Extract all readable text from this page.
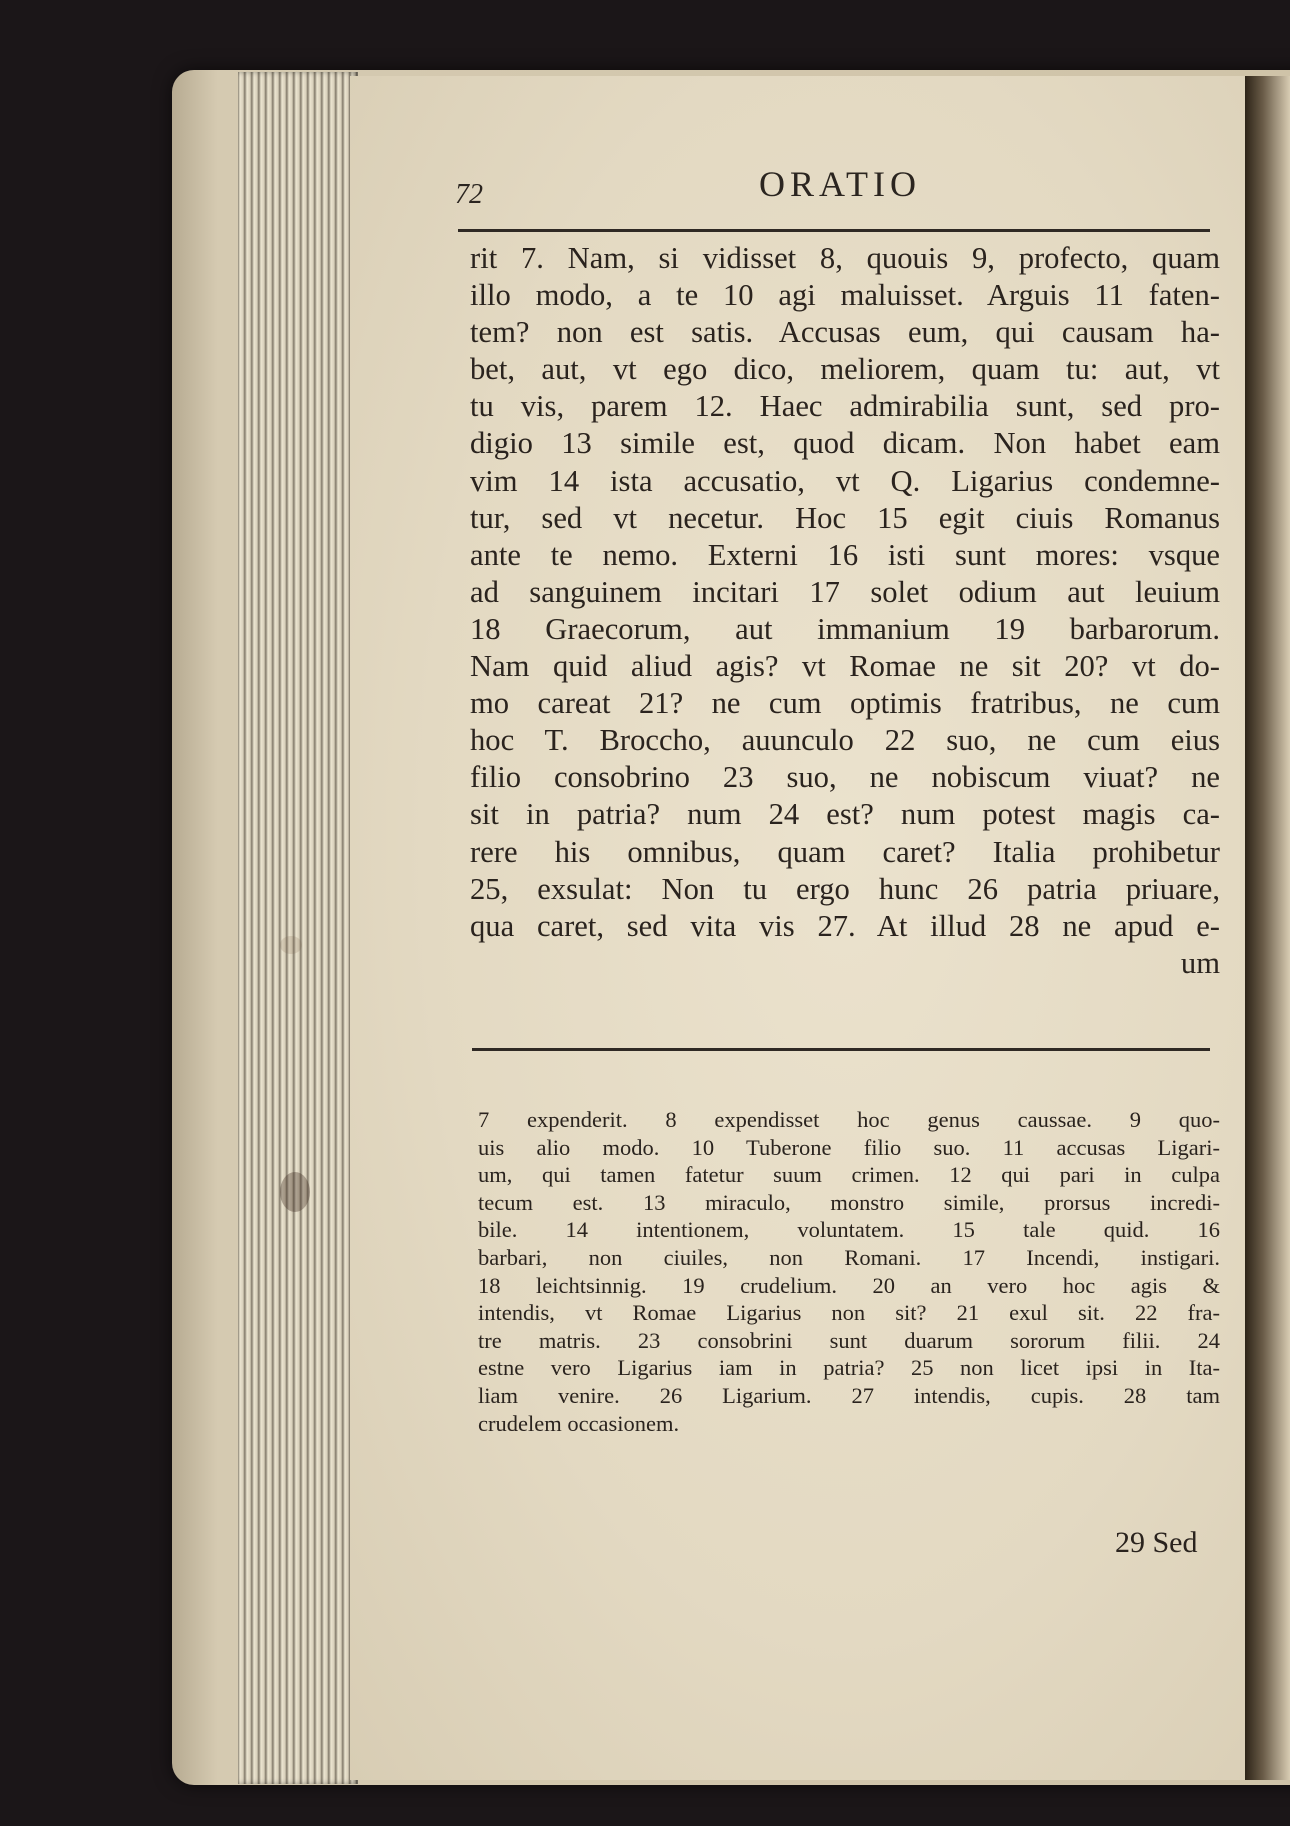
72	ORATIO
rit 7. Nam, si vidisset 8, quouis 9, profecto, quam
illo modo, a te 10 agi maluisset. Arguis 11 faten-
tem? non est satis. Accusas eum, qui causam ha-
bet, aut, vt ego dico, meliorem, quam tu: aut, vt
tu vis, parem 12. Haec admirabilia sunt, sed pro-
digio 13 simile est, quod dicam. Non habet eam
vim 14 ista accusatio, vt Q. Ligarius condemne-
tur, sed vt necetur. Hoc 15 egit ciuis Romanus
ante te nemo. Externi 16 isti sunt mores: vsque
ad sanguinem incitari 17 solet odium aut leuium
18 Graecorum, aut immanium 19 barbarorum.
Nam quid aliud agis? vt Romae ne sit 20? vt do-
mo careat 21? ne cum optimis fratribus, ne cum
hoc T. Broccho, auunculo 22 suo, ne cum eius
filio consobrino 23 suo, ne nobiscum viuat? ne
sit in patria? num 24 est? num potest magis ca-
rere his omnibus, quam caret? Italia prohibetur
25, exsulat: Non tu ergo hunc 26 patria priuare,
qua caret, sed vita vis 27. At illud 28 ne apud e-
um
7 expenderit. 8 expendisset hoc genus caussae. 9 quo-
uis alio modo. 10 Tuberone filio suo. 11 accusas Ligari-
um, qui tamen fatetur suum crimen. 12 qui pari in culpa
tecum est. 13 miraculo, monstro simile, prorsus incredi-
bile. 14 intentionem, voluntatem. 15 tale quid. 16
barbari, non ciuiles, non Romani. 17 Incendi, instigari.
18 leichtsinnig. 19 crudelium. 20 an vero hoc agis &
intendis, vt Romae Ligarius non sit? 21 exul sit. 22 fra-
tre matris. 23 consobrini sunt duarum sororum filii. 24
estne vero Ligarius iam in patria? 25 non licet ipsi in Ita-
liam venire. 26 Ligarium. 27 intendis, cupis. 28 tam
crudelem occasionem.
29 Sed
